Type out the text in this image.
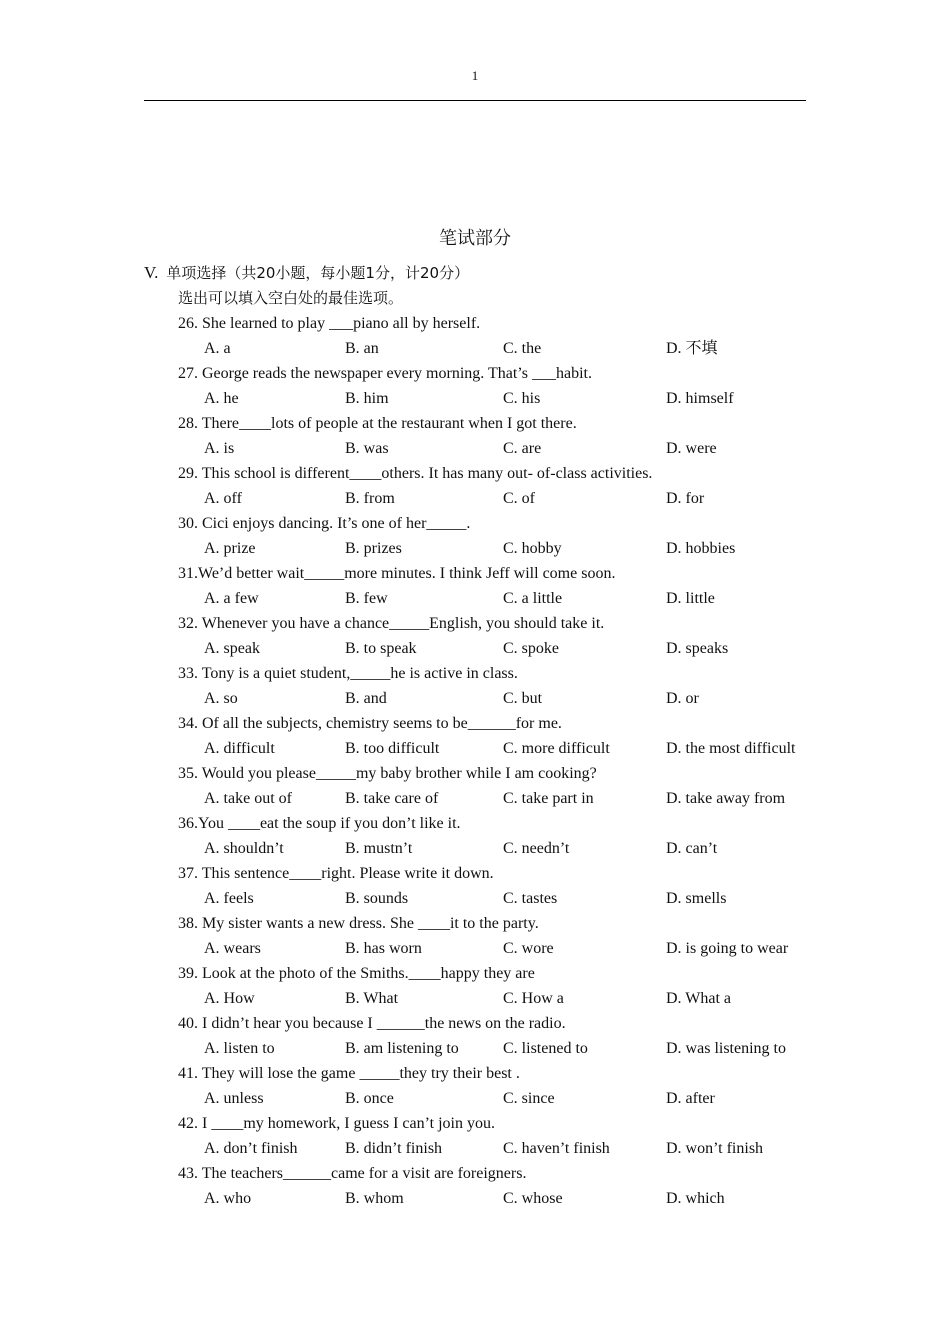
1
笔试部分
V. 单项选择（共20小题，每小题1分，计20分）
选出可以填入空白处的最佳选项。
26. She learned to play ___piano all by herself.
A. a	B. an	C. the	D. 不填
27. George reads the newspaper every morning. That’s ___habit.
A. he	B. him	C. his	D. himself
28. There____lots of people at the restaurant when I got there.
A. is	B. was	C. are	D. were
29. This school is different____others. It has many out- of-class activities.
A. off	B. from	C. of	D. for
30. Cici enjoys dancing. It’s one of her_____.
A. prize	B. prizes	C. hobby	D. hobbies
31.We’d better wait_____more minutes. I think Jeff will come soon.
A. a few	B. few	C. a little	D. little
32. Whenever you have a chance_____English, you should take it.
A. speak	B. to speak	C. spoke	D. speaks
33. Tony is a quiet student,_____he is active in class.
A. so	B. and	C. but	D. or
34. Of all the subjects, chemistry seems to be______for me.
A. difficult	B. too difficult	C. more difficult	D. the most difficult
35. Would you please_____my baby brother while I am cooking?
A. take out of	B. take care of	C. take part in	D. take away from
36.You ____eat the soup if you don’t like it.
A. shouldn’t	B. mustn’t	C. needn’t	D. can’t
37. This sentence____right. Please write it down.
A. feels	B. sounds	C. tastes	D. smells
38. My sister wants a new dress. She ____it to the party.
A. wears	B. has worn	C. wore	D. is going to wear
39. Look at the photo of the Smiths.____happy they are
A. How	B. What	C. How a	D. What a
40. I didn’t hear you because I ______the news on the radio.
A. listen to	B. am listening to	C. listened to	D. was listening to
41. They will lose the game _____they try their best .
A. unless	B. once	C. since	D. after
42. I ____my homework, I guess I can’t join you.
A. don’t finish	B. didn’t finish	C. haven’t finish	D. won’t finish
43. The teachers______came for a visit are foreigners.
A. who	B. whom	C. whose	D. which
